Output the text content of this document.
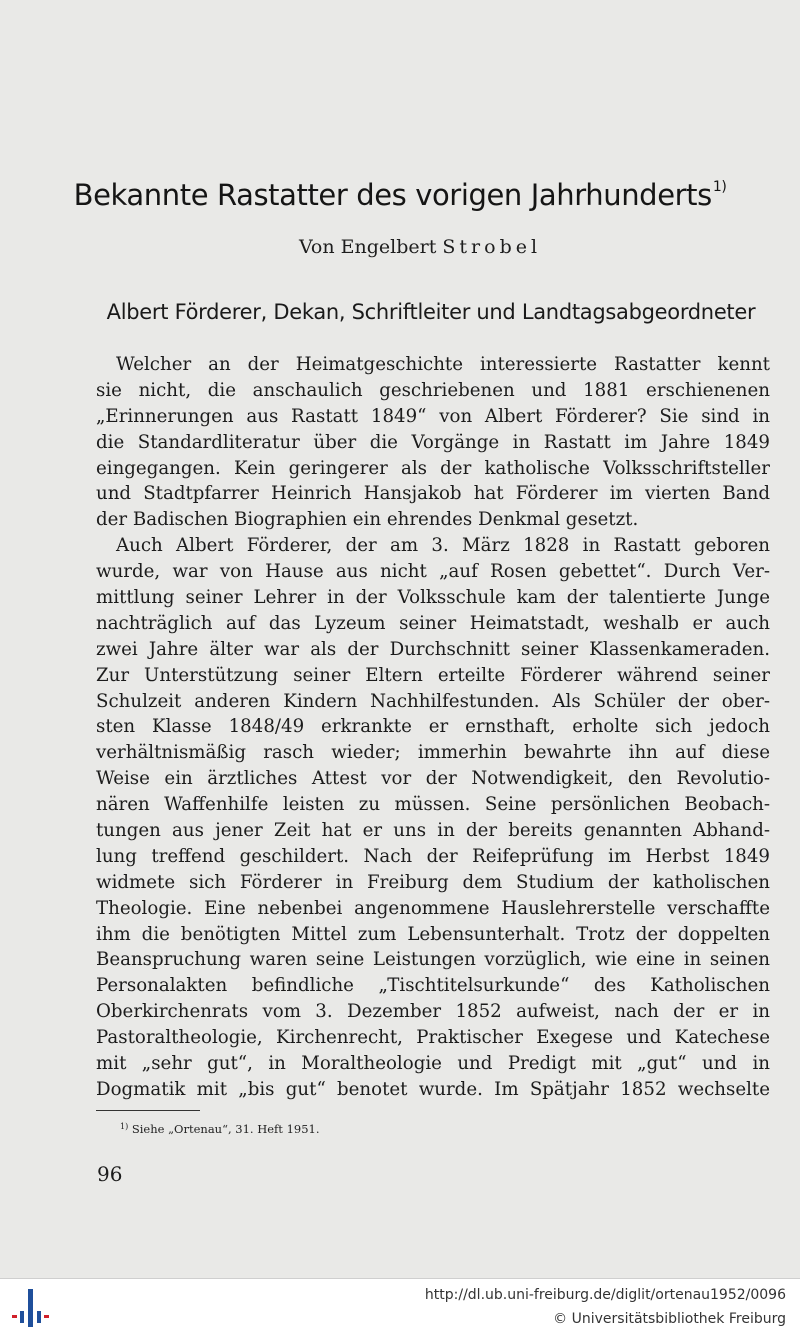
Bekannte Rastatter des vorigen Jahrhunderts$^{1)}$
Von Engelbert Strobel
Albert Förderer, Dekan, Schriftleiter und Landtagsabgeordneter
Welcher an der Heimatgeschichte interessierte Rastatter kennt
sie nicht, die anschaulich geschriebenen und 1881 erschienenen
„Erinnerungen aus Rastatt 1849“ von Albert Förderer? Sie sind in
die Standardliteratur über die Vorgänge in Rastatt im Jahre 1849
eingegangen. Kein geringerer als der katholische Volksschriftsteller
und Stadtpfarrer Heinrich Hansjakob hat Förderer im vierten Band
der Badischen Biographien ein ehrendes Denkmal gesetzt.
Auch Albert Förderer, der am 3. März 1828 in Rastatt geboren
wurde, war von Hause aus nicht „auf Rosen gebettet“. Durch Ver-
mittlung seiner Lehrer in der Volksschule kam der talentierte Junge
nachträglich auf das Lyzeum seiner Heimatstadt, weshalb er auch
zwei Jahre älter war als der Durchschnitt seiner Klassenkameraden.
Zur Unterstützung seiner Eltern erteilte Förderer während seiner
Schulzeit anderen Kindern Nachhilfestunden. Als Schüler der ober-
sten Klasse 1848/49 erkrankte er ernsthaft, erholte sich jedoch
verhältnismäßig rasch wieder; immerhin bewahrte ihn auf diese
Weise ein ärztliches Attest vor der Notwendigkeit, den Revolutio-
nären Waffenhilfe leisten zu müssen. Seine persönlichen Beobach-
tungen aus jener Zeit hat er uns in der bereits genannten Abhand-
lung treffend geschildert. Nach der Reifeprüfung im Herbst 1849
widmete sich Förderer in Freiburg dem Studium der katholischen
Theologie. Eine nebenbei angenommene Hauslehrerstelle verschaffte
ihm die benötigten Mittel zum Lebensunterhalt. Trotz der doppelten
Beanspruchung waren seine Leistungen vorzüglich, wie eine in seinen
Personalakten befindliche „Tischtitelsurkunde“ des Katholischen
Oberkirchenrats vom 3. Dezember 1852 aufweist, nach der er in
Pastoraltheologie, Kirchenrecht, Praktischer Exegese und Katechese
mit „sehr gut“, in Moraltheologie und Predigt mit „gut“ und in
Dogmatik mit „bis gut“ benotet wurde. Im Spätjahr 1852 wechselte
$^{1)}$ Siehe „Ortenau“, 31. Heft 1951.
96
http://dl.ub.uni-freiburg.de/diglit/ortenau1952/0096
© Universitätsbibliothek Freiburg
